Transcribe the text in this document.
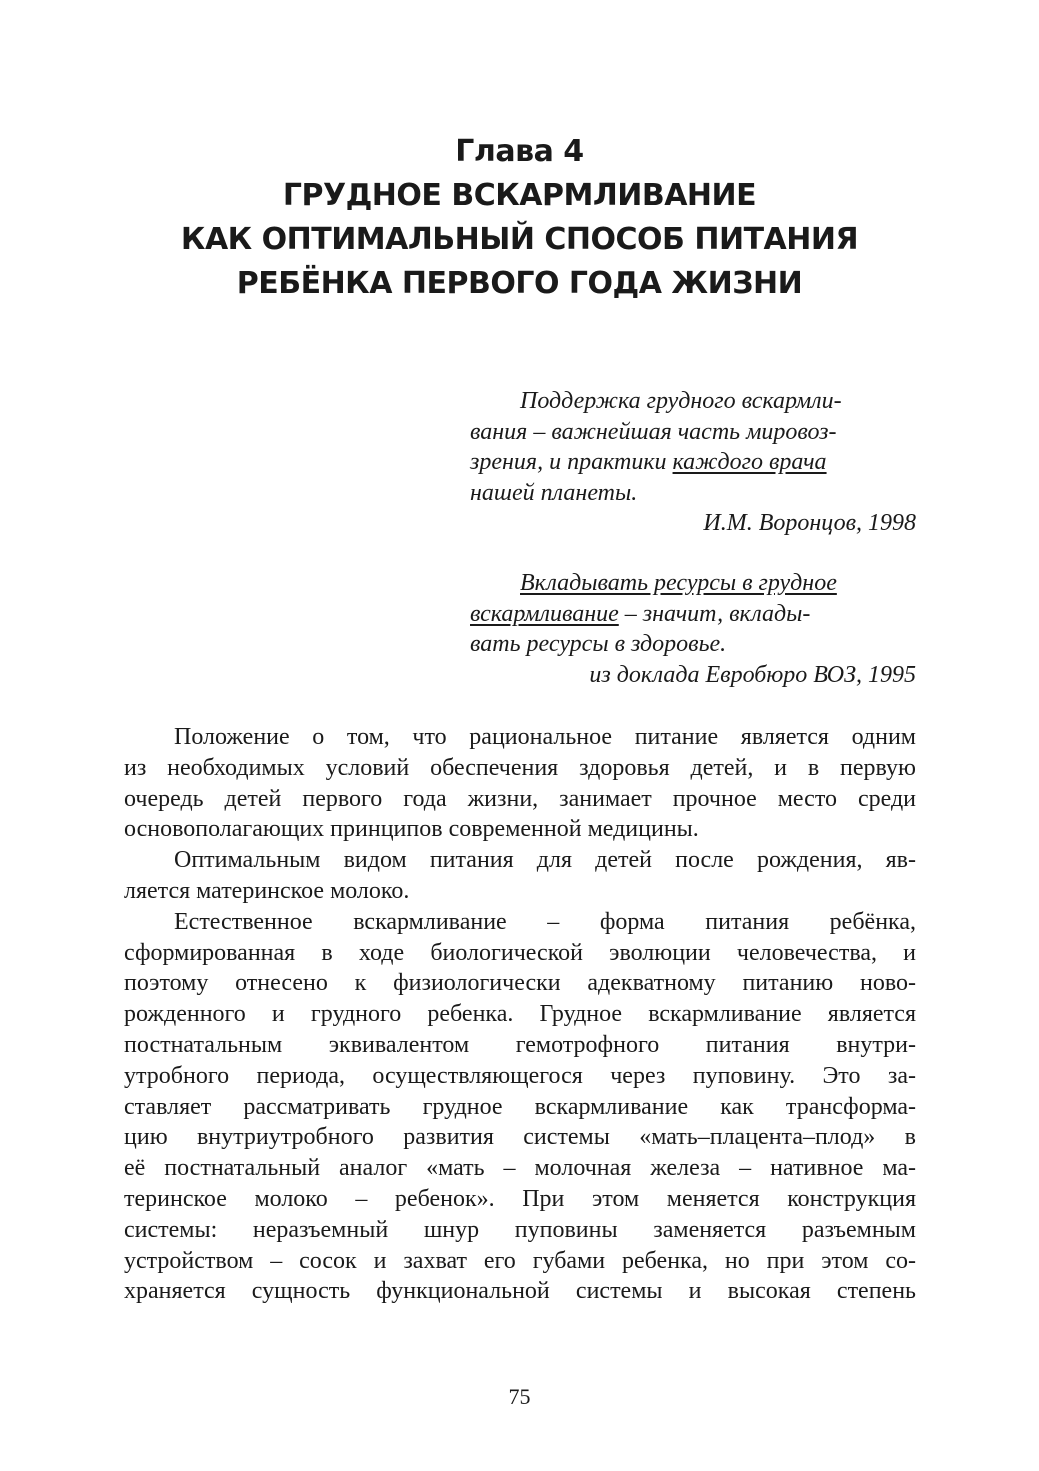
Глава 4
ГРУДНОЕ ВСКАРМЛИВАНИЕ
КАК ОПТИМАЛЬНЫЙ СПОСОБ ПИТАНИЯ
РЕБЁНКА ПЕРВОГО ГОДА ЖИЗНИ
Поддержка грудного вскармли-
вания – важнейшая часть мировоз-
зрения, и практики каждого врача
нашей планеты.
И.М. Воронцов, 1998
Вкладывать ресурсы в грудное
вскармливание – значит, вклады-
вать ресурсы в здоровье.
из доклада Евробюро ВОЗ, 1995
Положение о том, что рациональное питание является одним
из необходимых условий обеспечения здоровья детей, и в первую
очередь детей первого года жизни, занимает прочное место среди
основополагающих принципов современной медицины.
Оптимальным видом питания для детей после рождения, яв-
ляется материнское молоко.
Естественное вскармливание – форма питания ребёнка,
сформированная в ходе биологической эволюции человечества, и
поэтому отнесено к физиологически адекватному питанию ново-
рожденного и грудного ребенка. Грудное вскармливание является
постнатальным эквивалентом гемотрофного питания внутри-
утробного периода, осуществляющегося через пуповину. Это за-
ставляет рассматривать грудное вскармливание как трансформа-
цию внутриутробного развития системы «мать–плацента–плод» в
её постнатальный аналог «мать – молочная железа – нативное ма-
теринское молоко – ребенок». При этом меняется конструкция
системы: неразъемный шнур пуповины заменяется разъемным
устройством – сосок и захват его губами ребенка, но при этом со-
храняется сущность функциональной системы и высокая степень
75
